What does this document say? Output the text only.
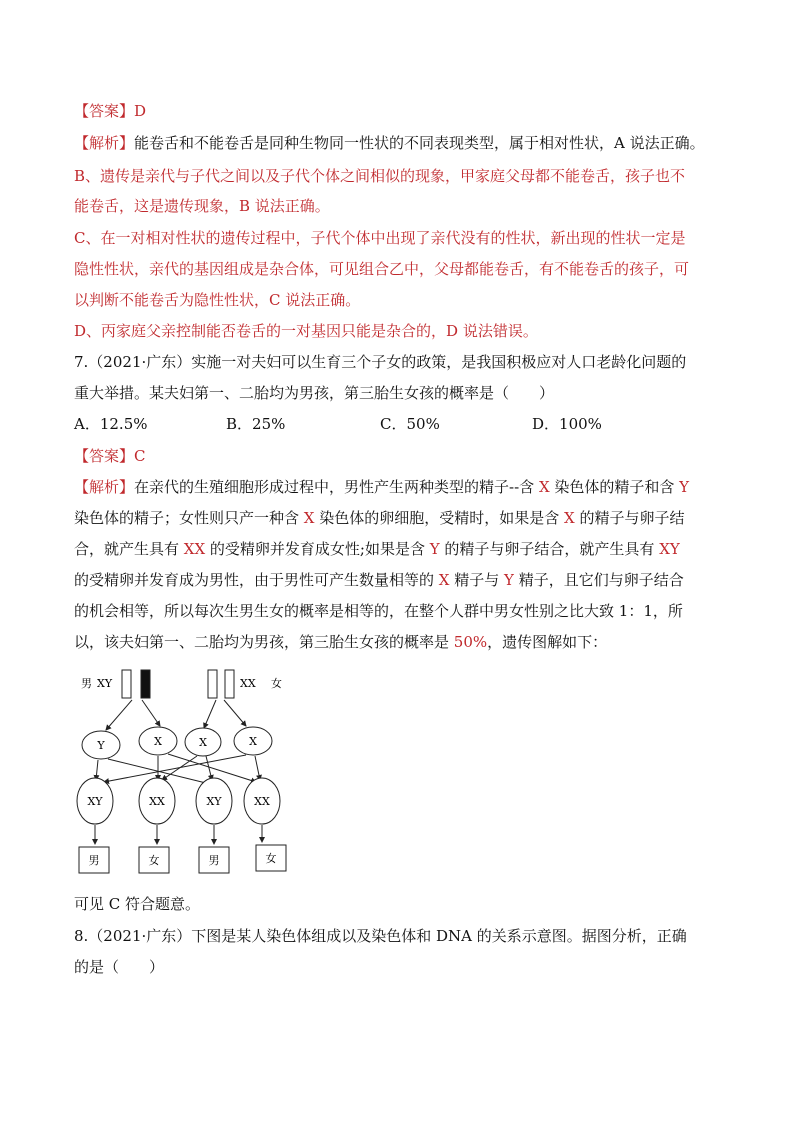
【答案】D
【解析】能卷舌和不能卷舌是同种生物同一性状的不同表现类型，属于相对性状，A 说法正确。
B、遗传是亲代与子代之间以及子代个体之间相似的现象，甲家庭父母都不能卷舌，孩子也不
能卷舌，这是遗传现象，B 说法正确。
C、在一对相对性状的遗传过程中，子代个体中出现了亲代没有的性状，新出现的性状一定是
隐性性状，亲代的基因组成是杂合体，可见组合乙中，父母都能卷舌，有不能卷舌的孩子，可
以判断不能卷舌为隐性性状，C 说法正确。
D、丙家庭父亲控制能否卷舌的一对基因只能是杂合的，D 说法错误。
7.（2021·广东）实施一对夫妇可以生育三个子女的政策，是我国积极应对人口老龄化问题的
重大举措。某夫妇第一、二胎均为男孩，第三胎生女孩的概率是（　　）
A．12.5%	B．25%	C．50%	D．100%
【答案】C
【解析】在亲代的生殖细胞形成过程中，男性产生两种类型的精子--含 X 染色体的精子和含 Y
染色体的精子；女性则只产一种含 X 染色体的卵细胞，受精时，如果是含 X 的精子与卵子结
合，就产生具有 XX 的受精卵并发育成女性;如果是含 Y 的精子与卵子结合，就产生具有 XY
的受精卵并发育成为男性，由于男性可产生数量相等的 X 精子与 Y 精子，且它们与卵子结合
的机会相等，所以每次生男生女的概率是相等的，在整个人群中男女性别之比大致 1：1，所
以，该夫妇第一、二胎均为男孩，第三胎生女孩的概率是 50%，遗传图解如下：
男 XY	XX 女
Y	X	X	X
XY	XX	XY	XX
男	女	男	女
可见 C 符合题意。
8.（2021·广东）下图是某人染色体组成以及染色体和 DNA 的关系示意图。据图分析，正确
的是（　　）
